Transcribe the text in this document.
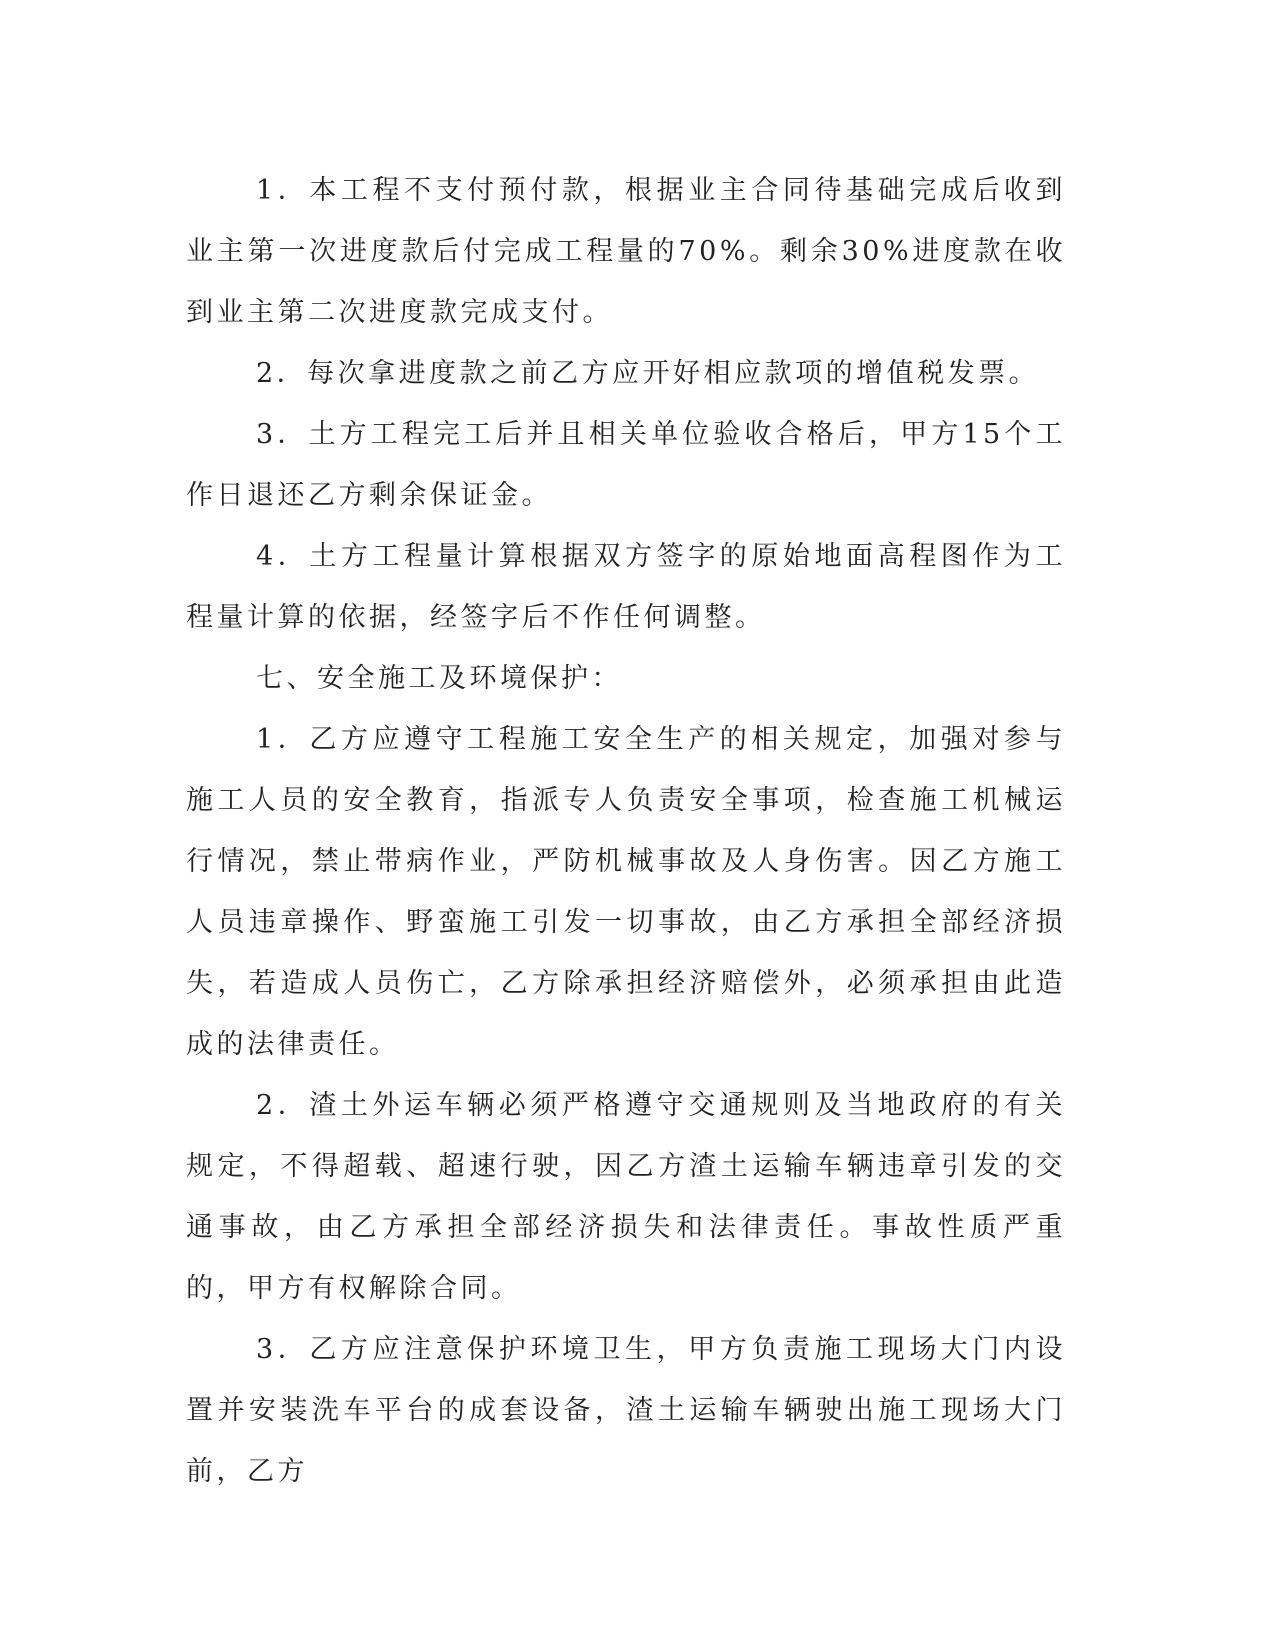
1．本工程不支付预付款，根据业主合同待基础完成后收到业主第一次进度款后付完成工程量的70%。剩余30%进度款在收到业主第二次进度款完成支付。

2．每次拿进度款之前乙方应开好相应款项的增值税发票。

3．土方工程完工后并且相关单位验收合格后，甲方15个工作日退还乙方剩余保证金。

4．土方工程量计算根据双方签字的原始地面高程图作为工程量计算的依据，经签字后不作任何调整。

七、安全施工及环境保护：

1．乙方应遵守工程施工安全生产的相关规定，加强对参与施工人员的安全教育，指派专人负责安全事项，检查施工机械运行情况，禁止带病作业，严防机械事故及人身伤害。因乙方施工人员违章操作、野蛮施工引发一切事故，由乙方承担全部经济损失，若造成人员伤亡，乙方除承担经济赔偿外，必须承担由此造成的法律责任。

2．渣土外运车辆必须严格遵守交通规则及当地政府的有关规定，不得超载、超速行驶，因乙方渣土运输车辆违章引发的交通事故，由乙方承担全部经济损失和法律责任。事故性质严重的，甲方有权解除合同。

3．乙方应注意保护环境卫生，甲方负责施工现场大门内设置并安装洗车平台的成套设备，渣土运输车辆驶出施工现场大门前，乙方
